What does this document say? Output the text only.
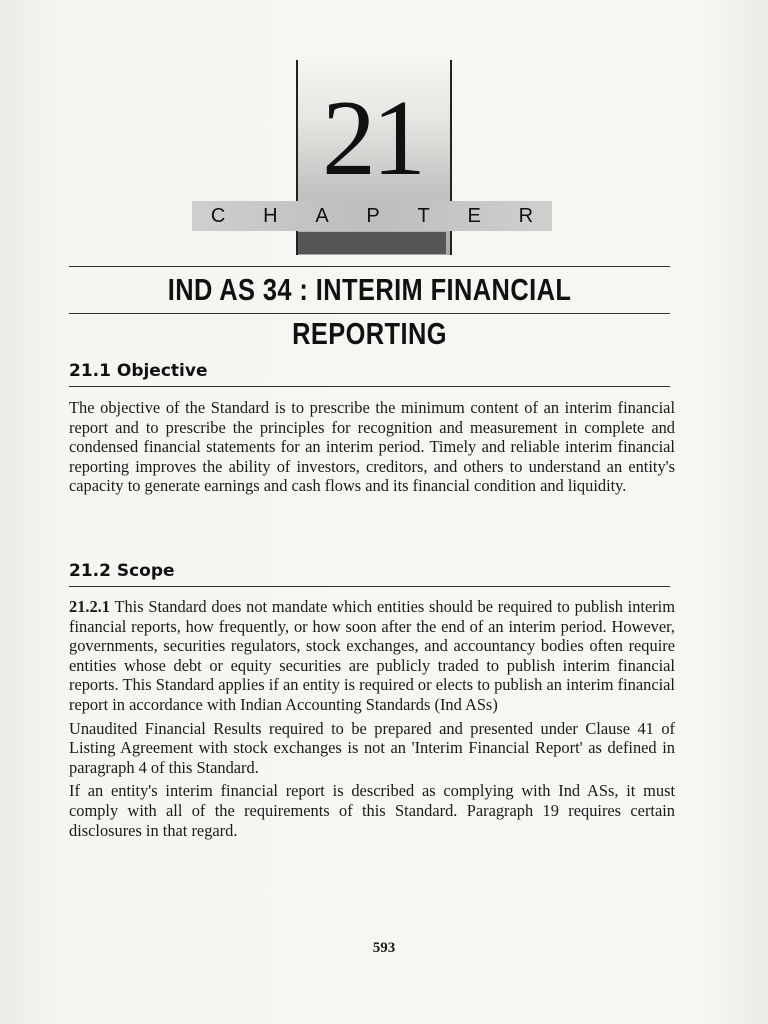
21
C H A P T E R
IND AS 34 : INTERIM FINANCIAL REPORTING
21.1 Objective

The objective of the Standard is to prescribe the minimum content of an interim financial report and to prescribe the principles for recognition and measurement in complete and condensed financial statements for an interim period. Timely and reliable interim financial reporting improves the ability of investors, creditors, and others to understand an entity's capacity to generate earnings and cash flows and its financial condition and liquidity.

21.2 Scope

21.2.1 This Standard does not mandate which entities should be required to publish interim financial reports, how frequently, or how soon after the end of an interim period. However, governments, securities regulators, stock exchanges, and accountancy bodies often require entities whose debt or equity securities are publicly traded to publish interim financial reports. This Standard applies if an entity is required or elects to publish an interim financial report in accordance with Indian Accounting Standards (Ind ASs)

Unaudited Financial Results required to be prepared and presented under Clause 41 of Listing Agreement with stock exchanges is not an 'Interim Financial Report' as defined in paragraph 4 of this Standard.

If an entity's interim financial report is described as complying with Ind ASs, it must comply with all of the requirements of this Standard. Paragraph 19 requires certain disclosures in that regard.

593
